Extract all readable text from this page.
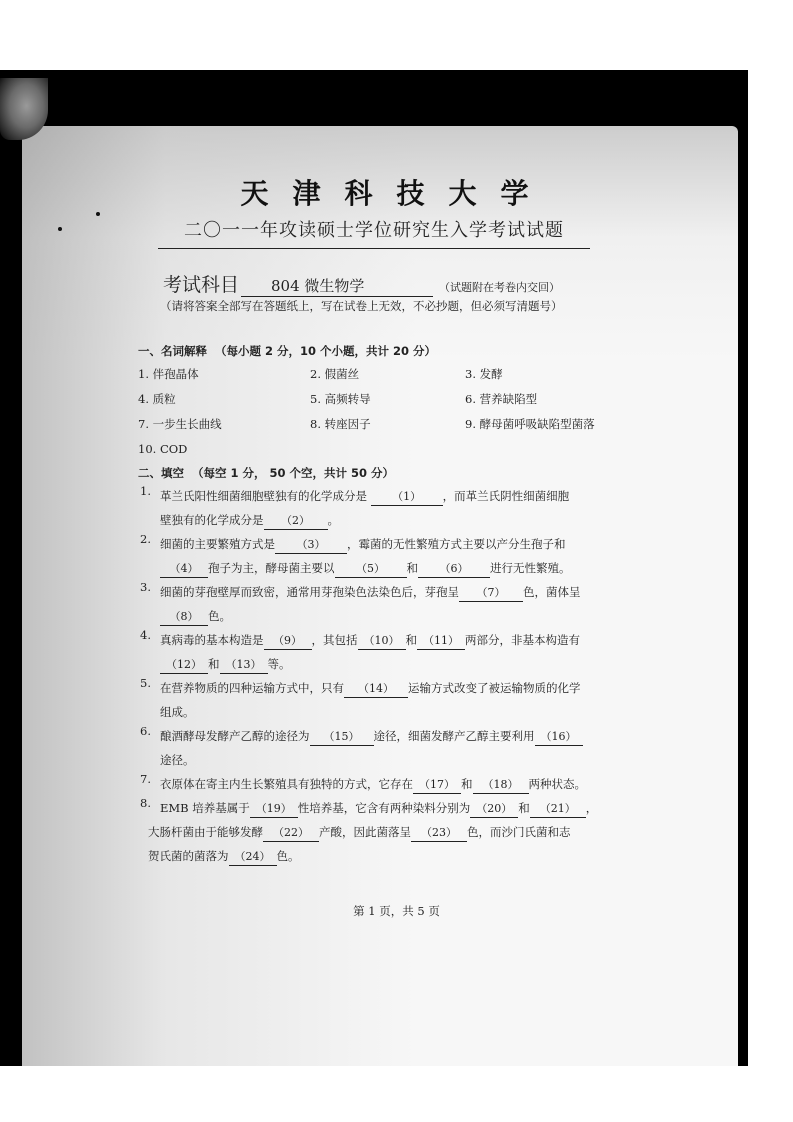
天津科技大学
二〇一一年攻读硕士学位研究生入学考试试题
考试科目 804 微生物学	（试题附在考卷内交回）
（请将答案全部写在答题纸上，写在试卷上无效，不必抄题，但必须写清题号）
一、名词解释 （每小题 2 分，10 个小题，共计 20 分）
1. 伴孢晶体	2. 假菌丝	3. 发酵
4. 质粒	5. 高频转导	6. 营养缺陷型
7. 一步生长曲线	8. 转座因子	9. 酵母菌呼吸缺陷型菌落
10. COD
二、填空 （每空 1 分， 50 个空，共计 50 分）
1. 革兰氏阳性细菌细胞壁独有的化学成分是 （1） ，而革兰氏阴性细菌细胞
壁独有的化学成分是 （2） 。
2. 细菌的主要繁殖方式是 （3） ，霉菌的无性繁殖方式主要以产分生孢子和
（4） 孢子为主，酵母菌主要以 （5） 和 （6） 进行无性繁殖。
3. 细菌的芽孢壁厚而致密，通常用芽孢染色法染色后，芽孢呈 （7） 色，菌体呈
（8） 色。
4. 真病毒的基本构造是 （9） ，其包括 （10） 和 （11） 两部分，非基本构造有
（12） 和 （13） 等。
5. 在营养物质的四种运输方式中，只有 （14） 运输方式改变了被运输物质的化学
组成。
6. 酿酒酵母发酵产乙醇的途径为 （15） 途径，细菌发酵产乙醇主要利用 （16）
途径。
7. 衣原体在寄主内生长繁殖具有独特的方式，它存在 （17） 和 （18） 两种状态。
8. EMB 培养基属于 （19） 性培养基，它含有两种染料分别为 （20） 和 （21） ，
大肠杆菌由于能够发酵 （22） 产酸，因此菌落呈 （23） 色，而沙门氏菌和志
贺氏菌的菌落为 （24） 色。
第 1 页，共 5 页
